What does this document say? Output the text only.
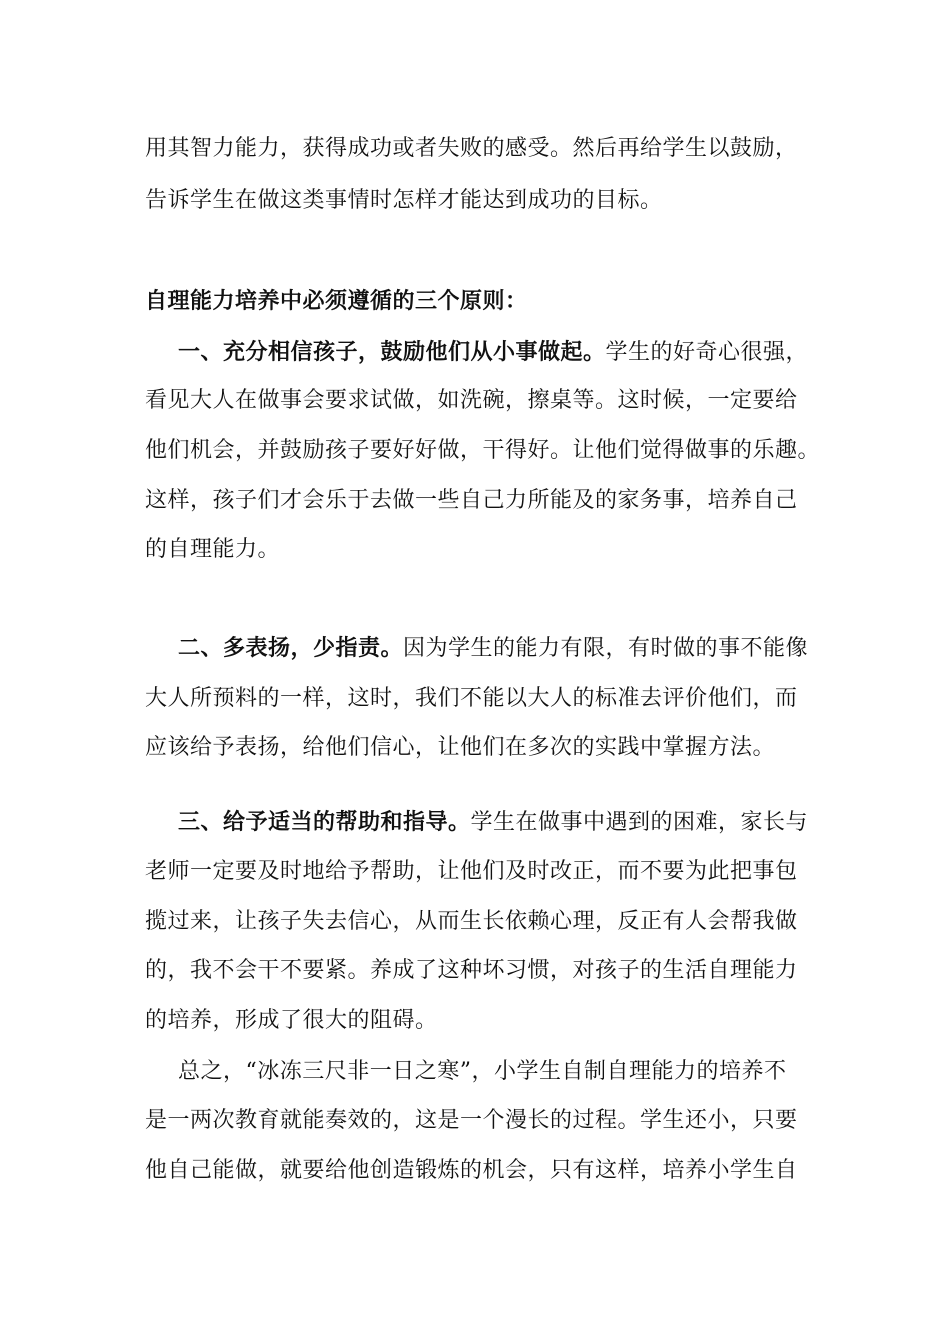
用其智力能力，获得成功或者失败的感受。然后再给学生以鼓励，
告诉学生在做这类事情时怎样才能达到成功的目标。
自理能力培养中必须遵循的三个原则：
一、充分相信孩子，鼓励他们从小事做起。学生的好奇心很强，
看见大人在做事会要求试做，如洗碗，擦桌等。这时候，一定要给
他们机会，并鼓励孩子要好好做，干得好。让他们觉得做事的乐趣。
这样，孩子们才会乐于去做一些自己力所能及的家务事，培养自己
的自理能力。
二、多表扬，少指责。因为学生的能力有限，有时做的事不能像
大人所预料的一样，这时，我们不能以大人的标准去评价他们，而
应该给予表扬，给他们信心，让他们在多次的实践中掌握方法。
三、给予适当的帮助和指导。学生在做事中遇到的困难，家长与
老师一定要及时地给予帮助，让他们及时改正，而不要为此把事包
揽过来，让孩子失去信心，从而生长依赖心理，反正有人会帮我做
的，我不会干不要紧。养成了这种坏习惯，对孩子的生活自理能力
的培养，形成了很大的阻碍。
总之，“冰冻三尺非一日之寒”，小学生自制自理能力的培养不
是一两次教育就能奏效的，这是一个漫长的过程。学生还小，只要
他自己能做，就要给他创造锻炼的机会，只有这样，培养小学生自
